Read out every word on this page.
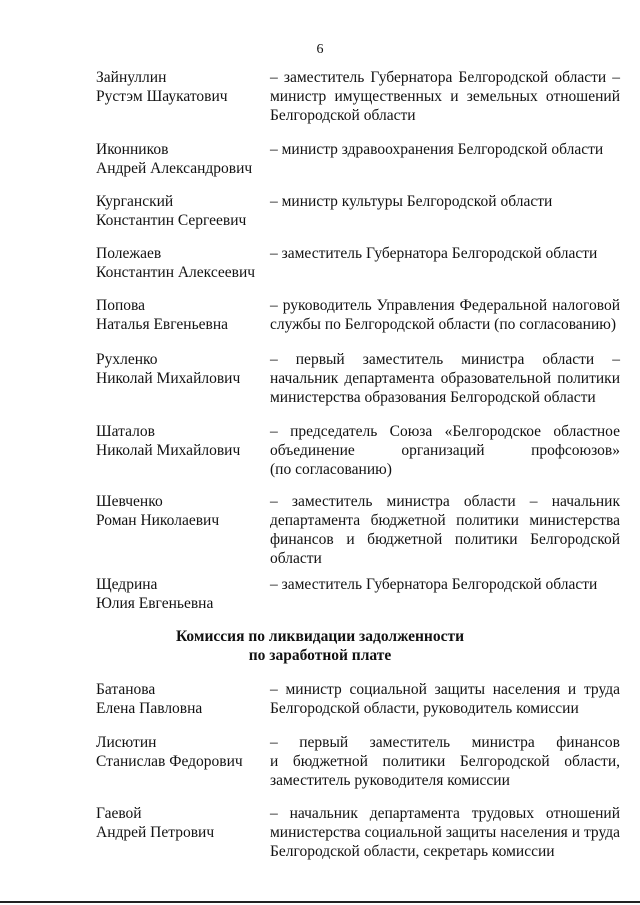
6
Зайнуллин
Рустэм Шаукатович
– заместитель Губернатора Белгородской области –
министр имущественных и земельных отношений
Белгородской области
Иконников
Андрей Александрович
– министр здравоохранения Белгородской области
Курганский
Константин Сергеевич
– министр культуры Белгородской области
Полежаев
Константин Алексеевич
– заместитель Губернатора Белгородской области
Попова
Наталья Евгеньевна
– руководитель Управления Федеральной налоговой
службы по Белгородской области (по согласованию)
Рухленко
Николай Михайлович
– первый заместитель министра области –
начальник департамента образовательной политики
министерства образования Белгородской области
Шаталов
Николай Михайлович
– председатель Союза «Белгородское областное
объединение организаций профсоюзов»
(по согласованию)
Шевченко
Роман Николаевич
– заместитель министра области – начальник
департамента бюджетной политики министерства
финансов и бюджетной политики Белгородской
области
Щедрина
Юлия Евгеньевна
– заместитель Губернатора Белгородской области
Комиссия по ликвидации задолженности
по заработной плате
Батанова
Елена Павловна
– министр социальной защиты населения и труда
Белгородской области, руководитель комиссии
Лисютин
Станислав Федорович
– первый заместитель министра финансов
и бюджетной политики Белгородской области,
заместитель руководителя комиссии
Гаевой
Андрей Петрович
– начальник департамента трудовых отношений
министерства социальной защиты населения и труда
Белгородской области, секретарь комиссии
